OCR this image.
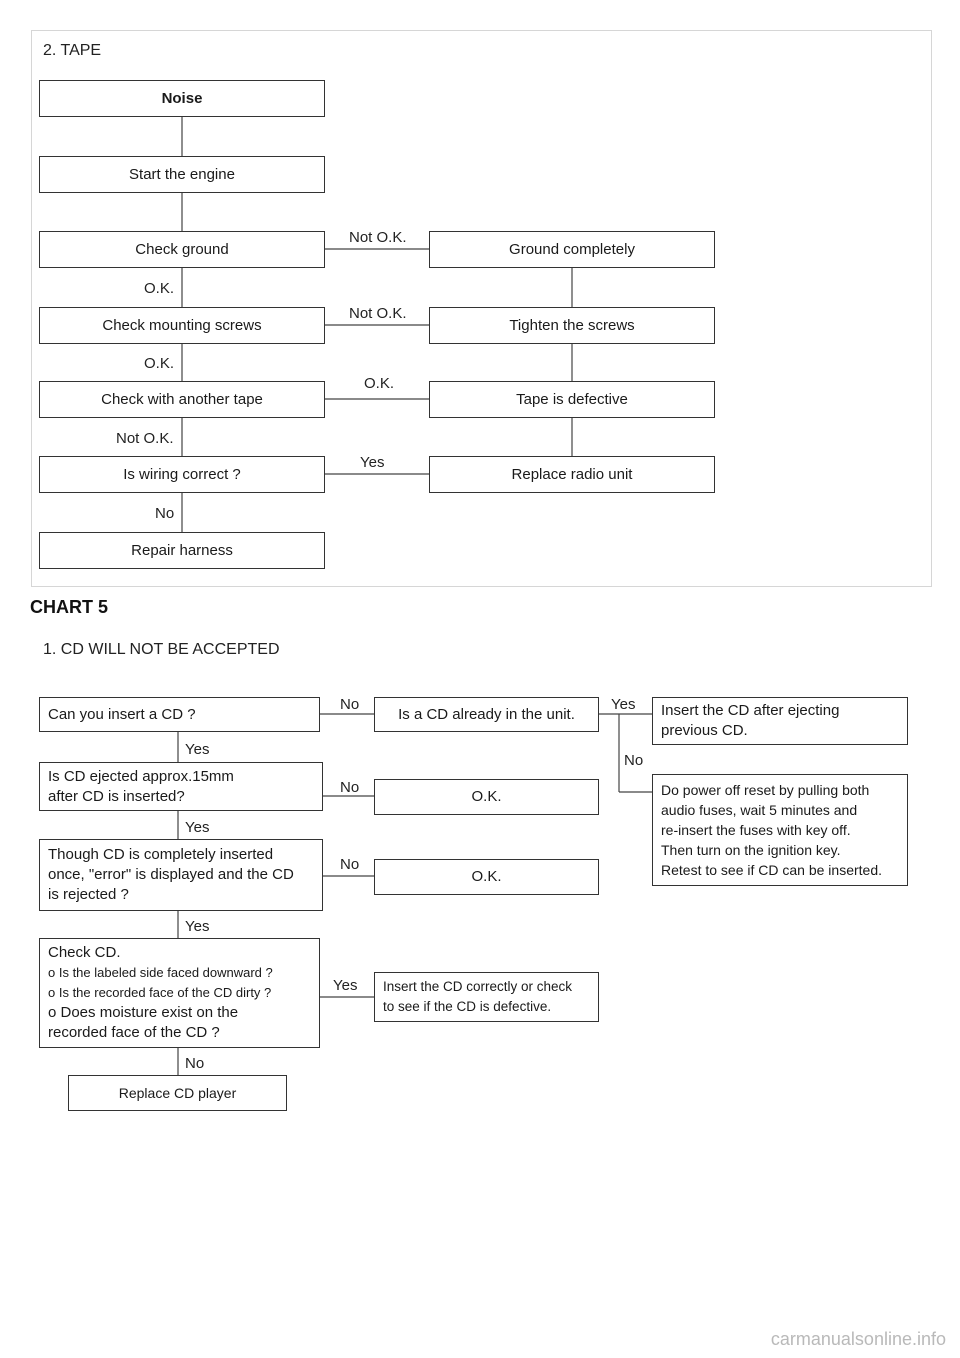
2. TAPE
Noise
Start the engine
Check ground	Ground completely
Check mounting screws	Tighten the screws
Check with another tape	Tape is defective
Is wiring correct ?	Replace radio unit
Repair harness
Not O.K.
O.K.
Not O.K.
O.K.
O.K.
Not O.K.
Yes
No
CHART 5
1. CD WILL NOT BE ACCEPTED
Can you insert a CD ?	Is a CD already in the unit.	Insert the CD after ejecting
previous CD.
Do power off reset by pulling both
audio fuses, wait 5 minutes and
re-insert the fuses with key off.
Then turn on the ignition key.
Retest to see if CD can be inserted.
Is CD ejected approx.15mm
after CD is inserted?	O.K.
Though CD is completely inserted
once, "error" is displayed and the CD
is rejected ?
O.K.
Check CD.
o Is the labeled side faced downward ?
o Is the recorded face of the CD dirty ?
o Does moisture exist on the
recorded face of the CD ?
Insert the CD correctly or check
to see if the CD is defective.
Replace CD player
No	Yes
Yes
No
No
Yes
No
Yes
Yes
No
carmanualsonline.info
